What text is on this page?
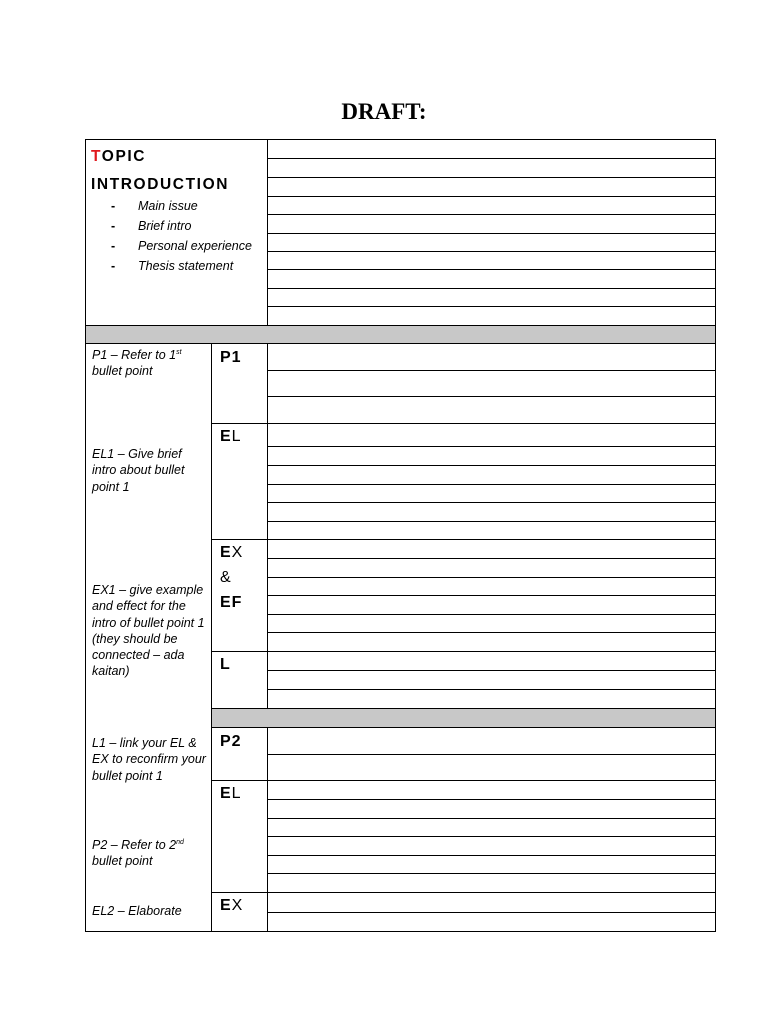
DRAFT:
TOPIC
INTRODUCTION
- Main issue
- Brief intro
- Personal experience
- Thesis statement
P1 – Refer to 1st
bullet point
EL1 – Give brief intro about bullet point 1
EX1 – give example and effect for the intro of bullet point 1 (they should be connected – ada kaitan)
L1 – link your EL & EX to reconfirm your bullet point 1
P2 – Refer to 2nd
bullet point
EL2 – Elaborate
P1
EL
EX
&
EF
L
P2
EL
EX
